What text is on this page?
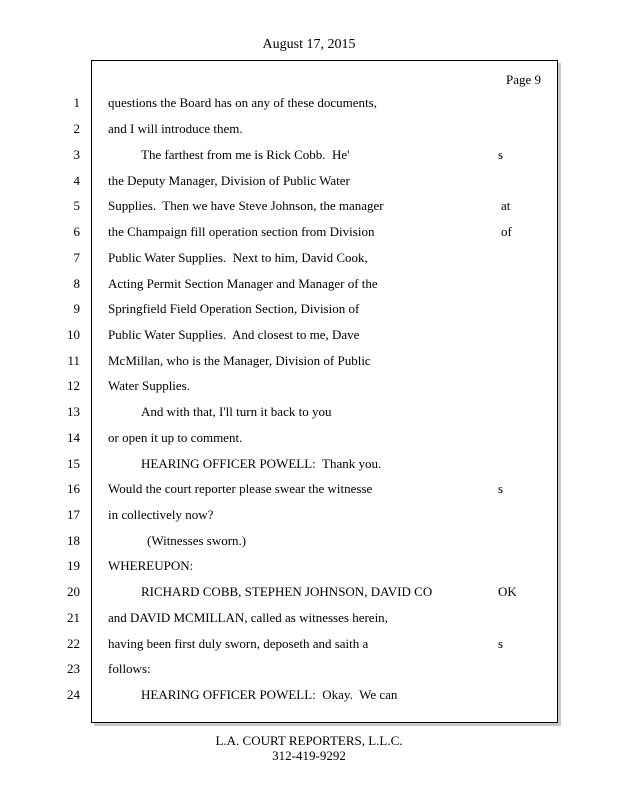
August 17, 2015
Page 9
1 questions the Board has on any of these documents,
2 and I will introduce them.
3	The farthest from me is Rick Cobb.  He'	s
4 the Deputy Manager, Division of Public Water
5 Supplies.  Then we have Steve Johnson, the manager	at
6 the Champaign fill operation section from Division	of
7 Public Water Supplies.  Next to him, David Cook,
8 Acting Permit Section Manager and Manager of the
9 Springfield Field Operation Section, Division of
10 Public Water Supplies.  And closest to me, Dave
11 McMillan, who is the Manager, Division of Public
12 Water Supplies.
13	And with that, I'll turn it back to you
14 or open it up to comment.
15	HEARING OFFICER POWELL:  Thank you.
16 Would the court reporter please swear the witnesse	s
17 in collectively now?
18	(Witnesses sworn.)
19 WHEREUPON:
20	RICHARD COBB, STEPHEN JOHNSON, DAVID CO	OK
21 and DAVID MCMILLAN, called as witnesses herein,
22 having been first duly sworn, deposeth and saith a	s
23 follows:
24	HEARING OFFICER POWELL:  Okay.  We can
L.A. COURT REPORTERS, L.L.C.
312-419-9292
